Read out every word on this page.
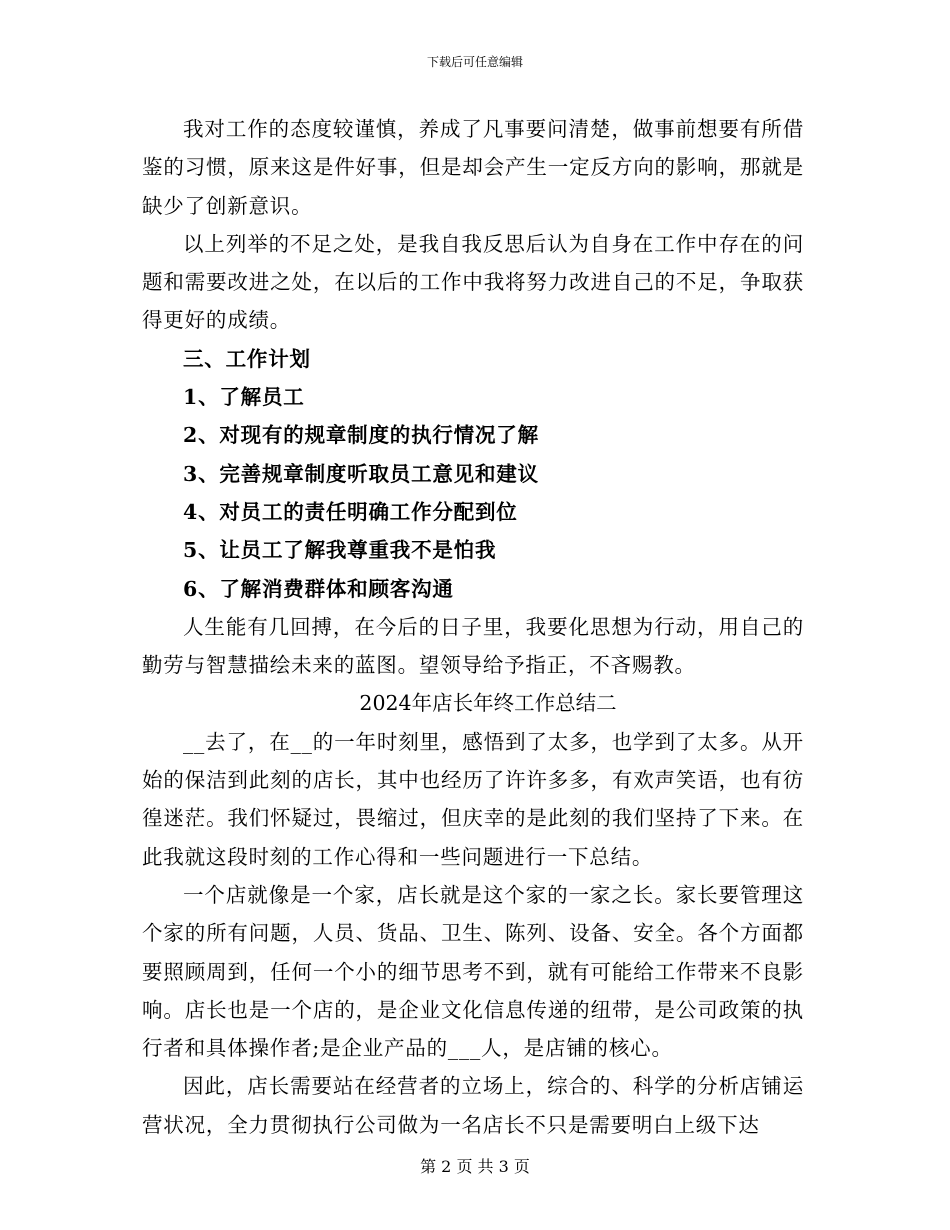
下载后可任意编辑

我对工作的态度较谨慎，养成了凡事要问清楚，做事前想要有所借鉴的习惯，原来这是件好事，但是却会产生一定反方向的影响，那就是缺少了创新意识。

以上列举的不足之处，是我自我反思后认为自身在工作中存在的问题和需要改进之处，在以后的工作中我将努力改进自己的不足，争取获得更好的成绩。

三、工作计划

1、了解员工
2、对现有的规章制度的执行情况了解
3、完善规章制度听取员工意见和建议
4、对员工的责任明确工作分配到位
5、让员工了解我尊重我不是怕我
6、了解消费群体和顾客沟通

人生能有几回搏，在今后的日子里，我要化思想为行动，用自己的勤劳与智慧描绘未来的蓝图。望领导给予指正，不吝赐教。

2024年店长年终工作总结二

__去了，在__的一年时刻里，感悟到了太多，也学到了太多。从开始的保洁到此刻的店长，其中也经历了许许多多，有欢声笑语，也有彷徨迷茫。我们怀疑过，畏缩过，但庆幸的是此刻的我们坚持了下来。在此我就这段时刻的工作心得和一些问题进行一下总结。

一个店就像是一个家，店长就是这个家的一家之长。家长要管理这个家的所有问题，人员、货品、卫生、陈列、设备、安全。各个方面都要照顾周到，任何一个小的细节思考不到，就有可能给工作带来不良影响。店长也是一个店的，是企业文化信息传递的纽带，是公司政策的执行者和具体操作者;是企业产品的___人，是店铺的核心。

因此，店长需要站在经营者的立场上，综合的、科学的分析店铺运营状况，全力贯彻执行公司做为一名店长不只是需要明白上级下达

第 2 页 共 3 页
